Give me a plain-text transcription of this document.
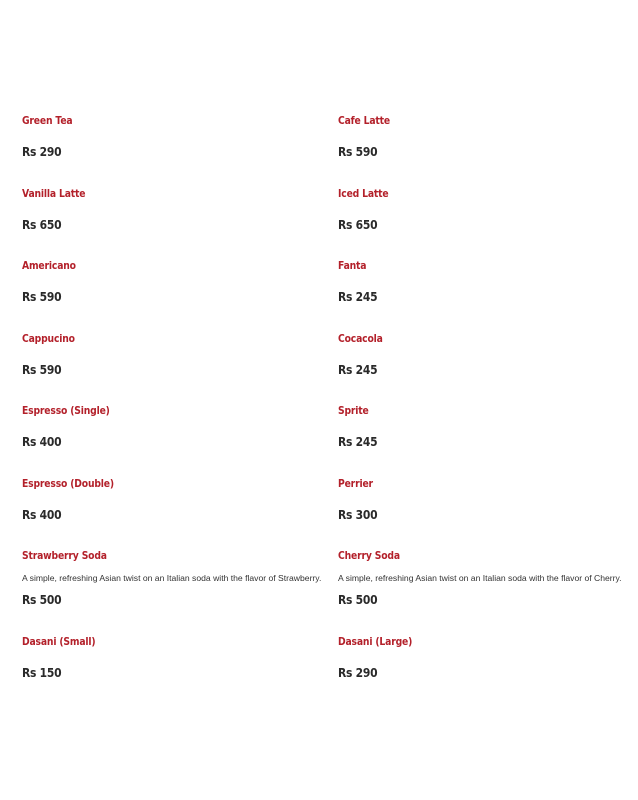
Green Tea
Rs 290
Cafe Latte
Rs 590
Vanilla Latte
Rs 650
Iced Latte
Rs 650
Americano
Rs 590
Fanta
Rs 245
Cappucino
Rs 590
Cocacola
Rs 245
Espresso (Single)
Rs 400
Sprite
Rs 245
Espresso (Double)
Rs 400
Perrier
Rs 300
Strawberry Soda
A simple, refreshing Asian twist on an Italian soda with the flavor of Strawberry.
Rs 500
Cherry Soda
A simple, refreshing Asian twist on an Italian soda with the flavor of Cherry.
Rs 500
Dasani (Small)
Rs 150
Dasani (Large)
Rs 290
